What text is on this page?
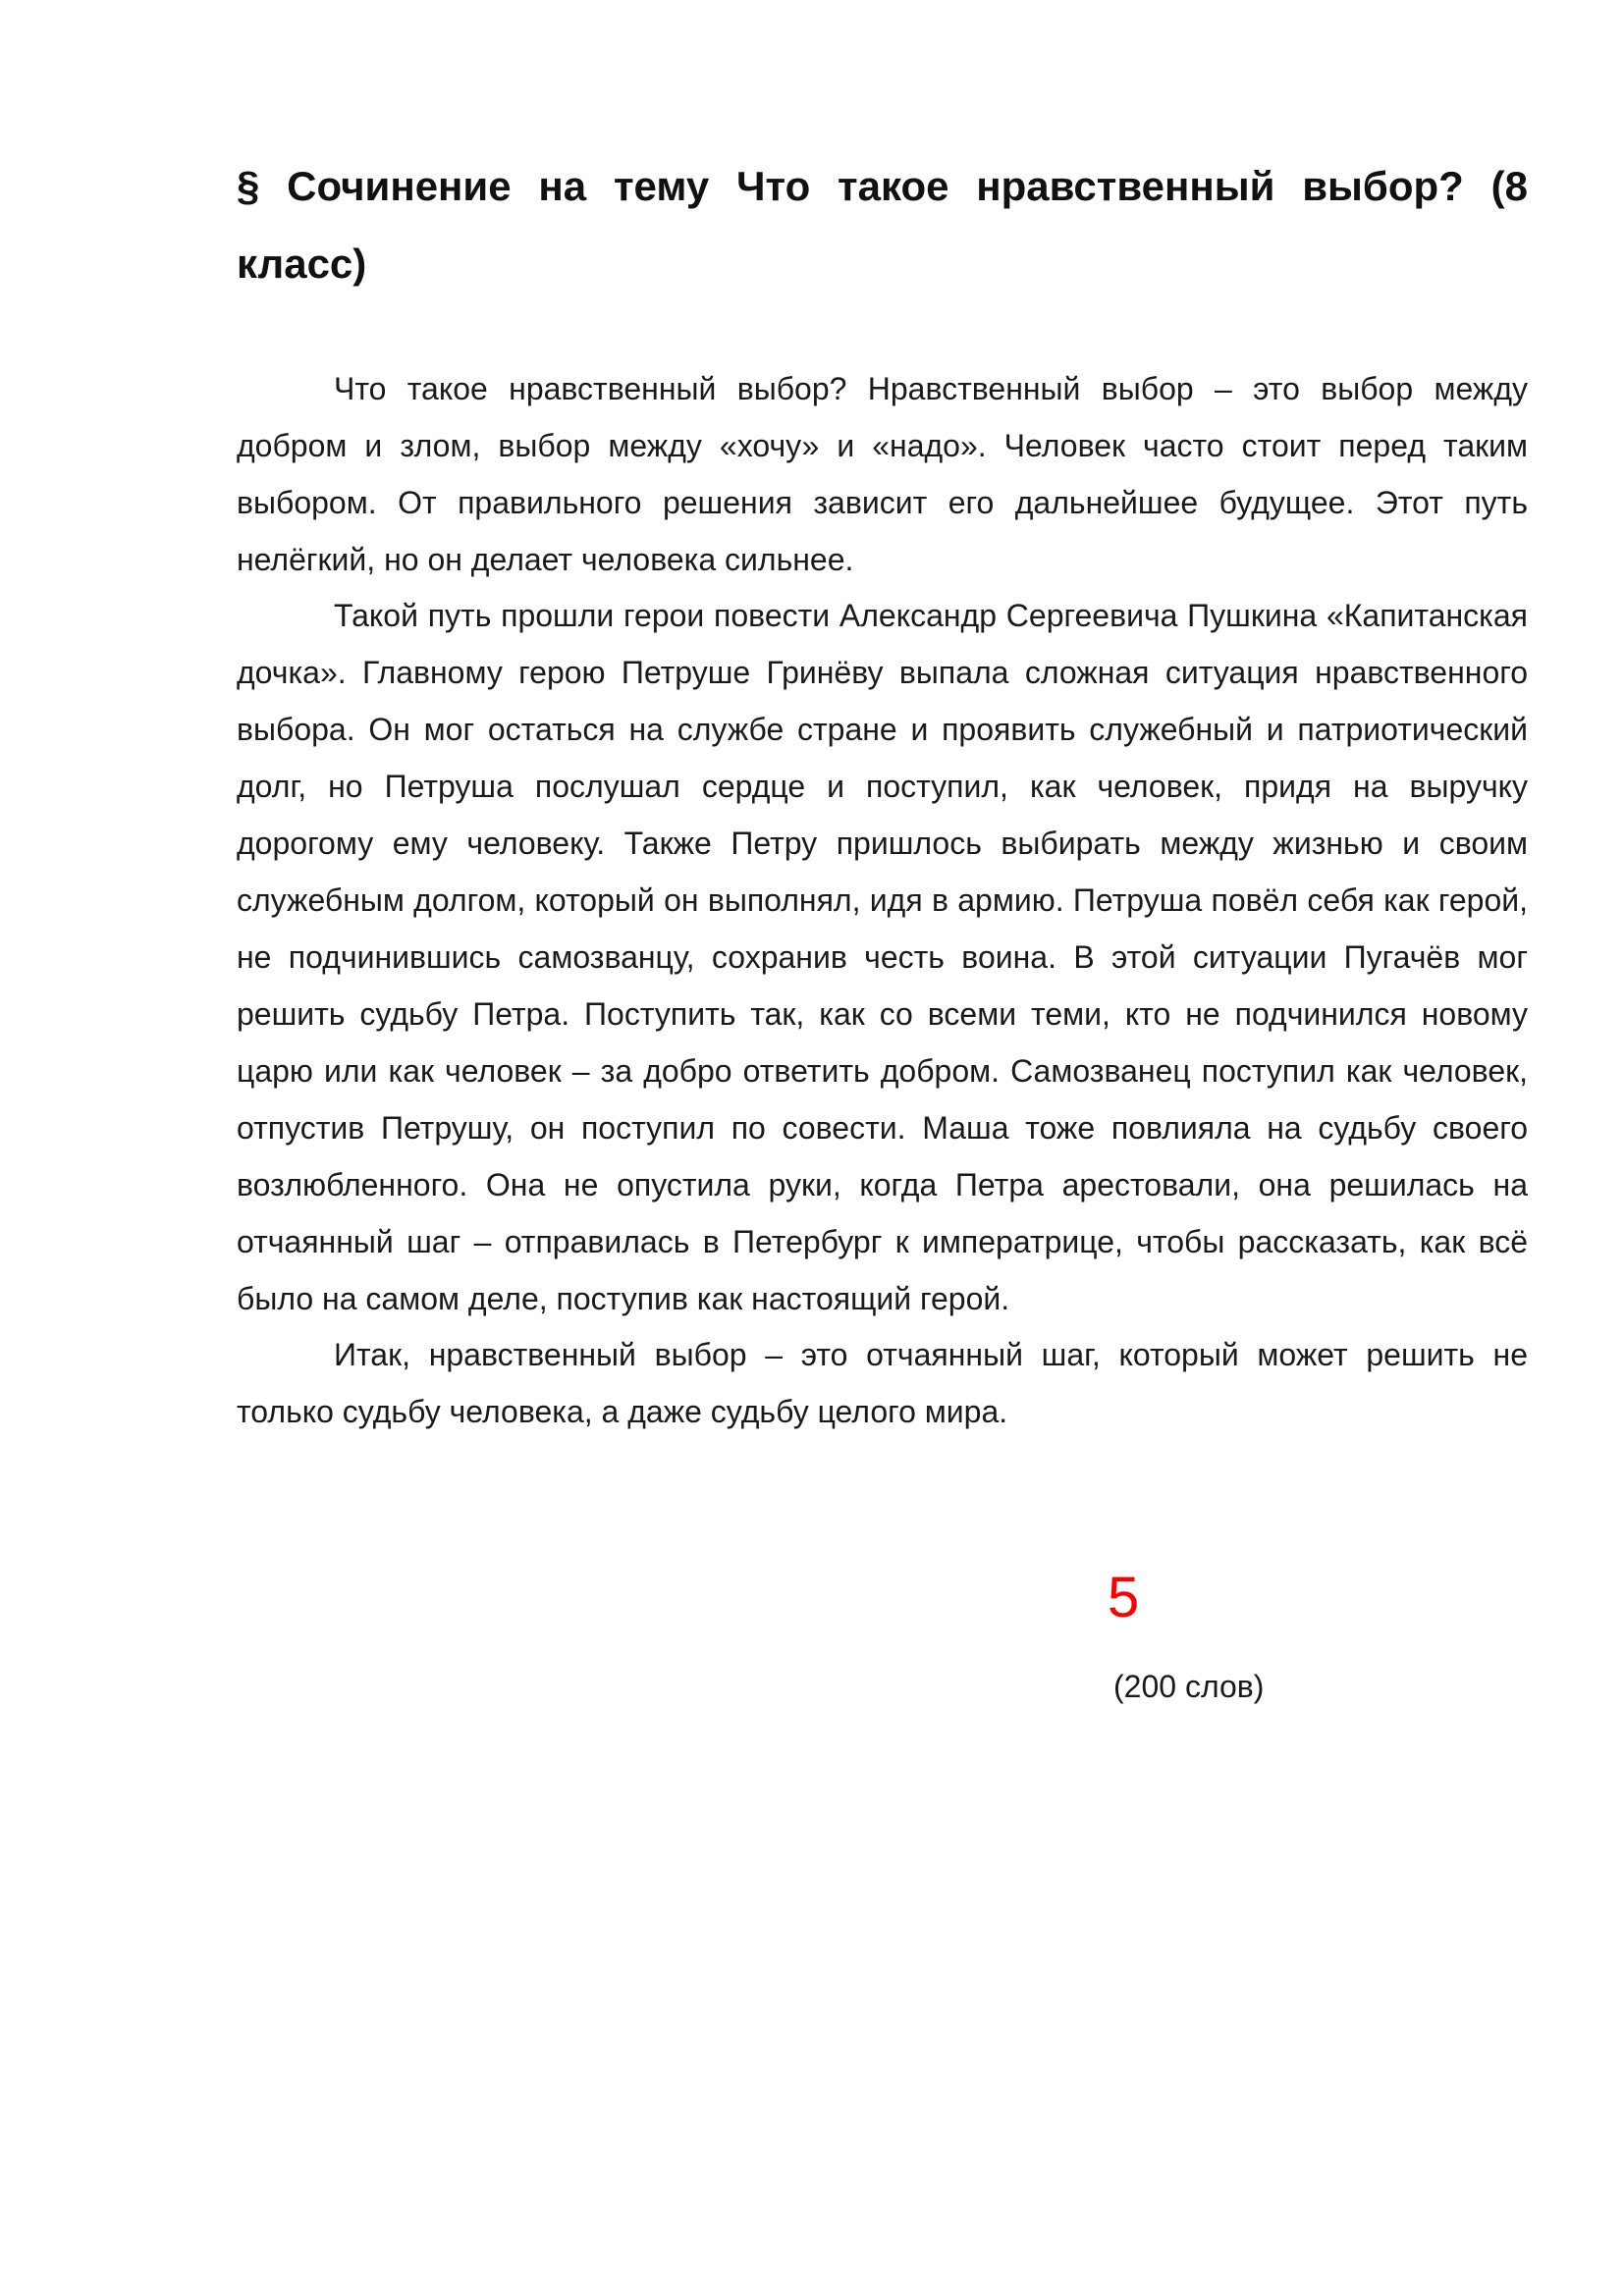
§ Сочинение на тему Что такое нравственный выбор? (8 класс)

Что такое нравственный выбор? Нравственный выбор – это выбор между добром и злом, выбор между «хочу» и «надо». Человек часто стоит перед таким выбором. От правильного решения зависит его дальнейшее будущее. Этот путь нелёгкий, но он делает человека сильнее.

Такой путь прошли герои повести Александр Сергеевича Пушкина «Капитанская дочка». Главному герою Петруше Гринёву выпала сложная ситуация нравственного выбора. Он мог остаться на службе стране и проявить служебный и патриотический долг, но Петруша послушал сердце и поступил, как человек, придя на выручку дорогому ему человеку. Также Петру пришлось выбирать между жизнью и своим служебным долгом, который он выполнял, идя в армию. Петруша повёл себя как герой, не подчинившись самозванцу, сохранив честь воина. В этой ситуации Пугачёв мог решить судьбу Петра. Поступить так, как со всеми теми, кто не подчинился новому царю или как человек – за добро ответить добром. Самозванец поступил как человек, отпустив Петрушу, он поступил по совести. Маша тоже повлияла на судьбу своего возлюбленного. Она не опустила руки, когда Петра арестовали, она решилась на отчаянный шаг – отправилась в Петербург к императрице, чтобы рассказать, как всё было на самом деле, поступив как настоящий герой.

Итак, нравственный выбор – это отчаянный шаг, который может решить не только судьбу человека, а даже судьбу целого мира.

5

(200 слов)
